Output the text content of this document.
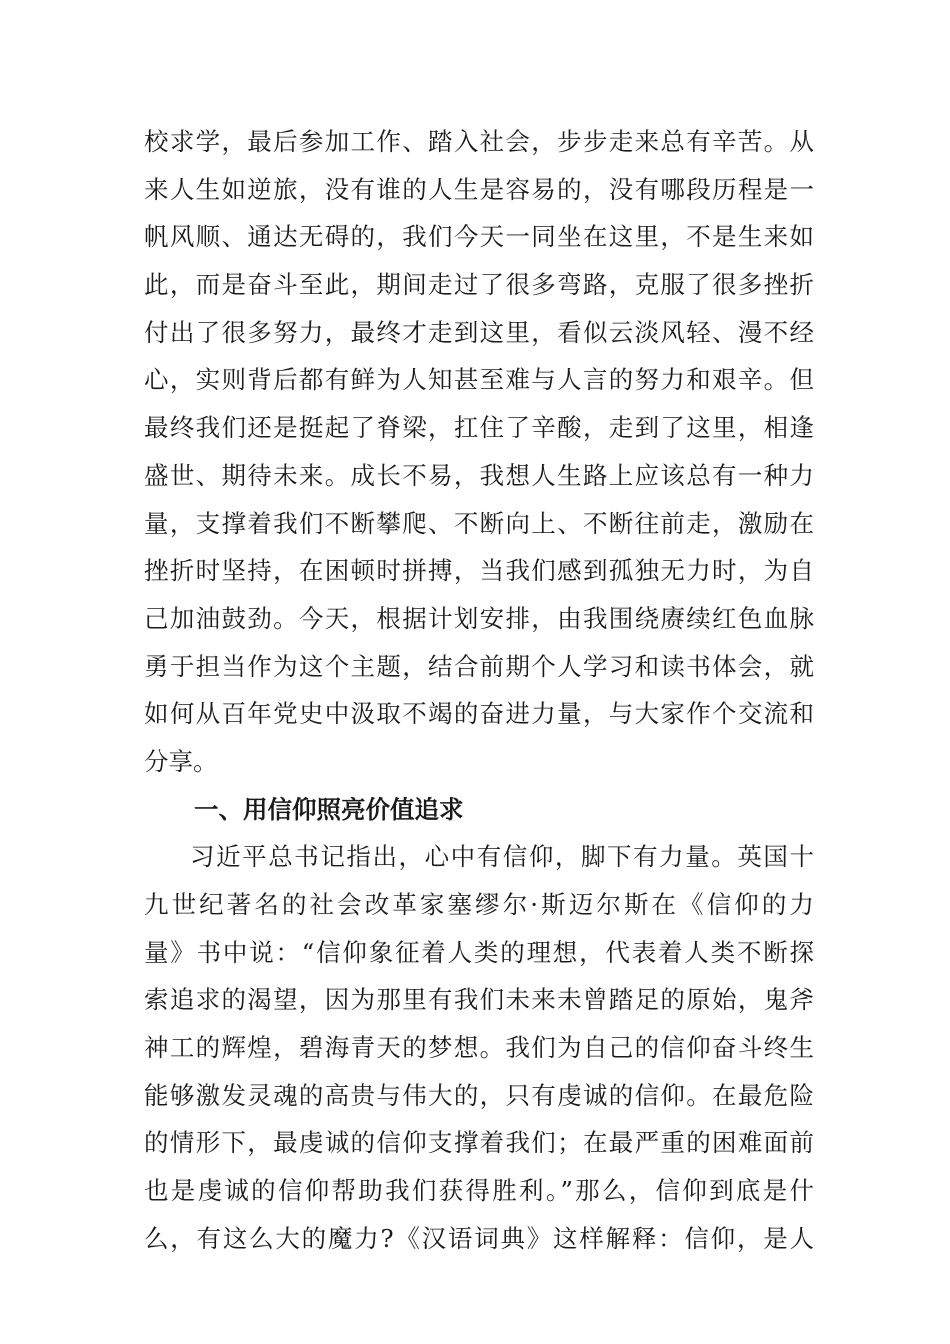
校求学，最后参加工作、踏入社会，步步走来总有辛苦。从
来人生如逆旅，没有谁的人生是容易的，没有哪段历程是一
帆风顺、通达无碍的，我们今天一同坐在这里，不是生来如
此，而是奋斗至此，期间走过了很多弯路，克服了很多挫折
付出了很多努力，最终才走到这里，看似云淡风轻、漫不经
心，实则背后都有鲜为人知甚至难与人言的努力和艰辛。但
最终我们还是挺起了脊梁，扛住了辛酸，走到了这里，相逢
盛世、期待未来。成长不易，我想人生路上应该总有一种力
量，支撑着我们不断攀爬、不断向上、不断往前走，激励在
挫折时坚持，在困顿时拼搏，当我们感到孤独无力时，为自
己加油鼓劲。今天，根据计划安排，由我围绕赓续红色血脉
勇于担当作为这个主题，结合前期个人学习和读书体会，就
如何从百年党史中汲取不竭的奋进力量，与大家作个交流和
分享。
一、用信仰照亮价值追求
习近平总书记指出，心中有信仰，脚下有力量。英国十
九世纪著名的社会改革家塞缪尔·斯迈尔斯在《信仰的力
量》书中说：“信仰象征着人类的理想，代表着人类不断探
索追求的渴望，因为那里有我们未来未曾踏足的原始，鬼斧
神工的辉煌，碧海青天的梦想。我们为自己的信仰奋斗终生
能够激发灵魂的高贵与伟大的，只有虔诚的信仰。在最危险
的情形下，最虔诚的信仰支撑着我们；在最严重的困难面前
也是虔诚的信仰帮助我们获得胜利。”那么，信仰到底是什
么，有这么大的魔力?《汉语词典》这样解释：信仰，是人
